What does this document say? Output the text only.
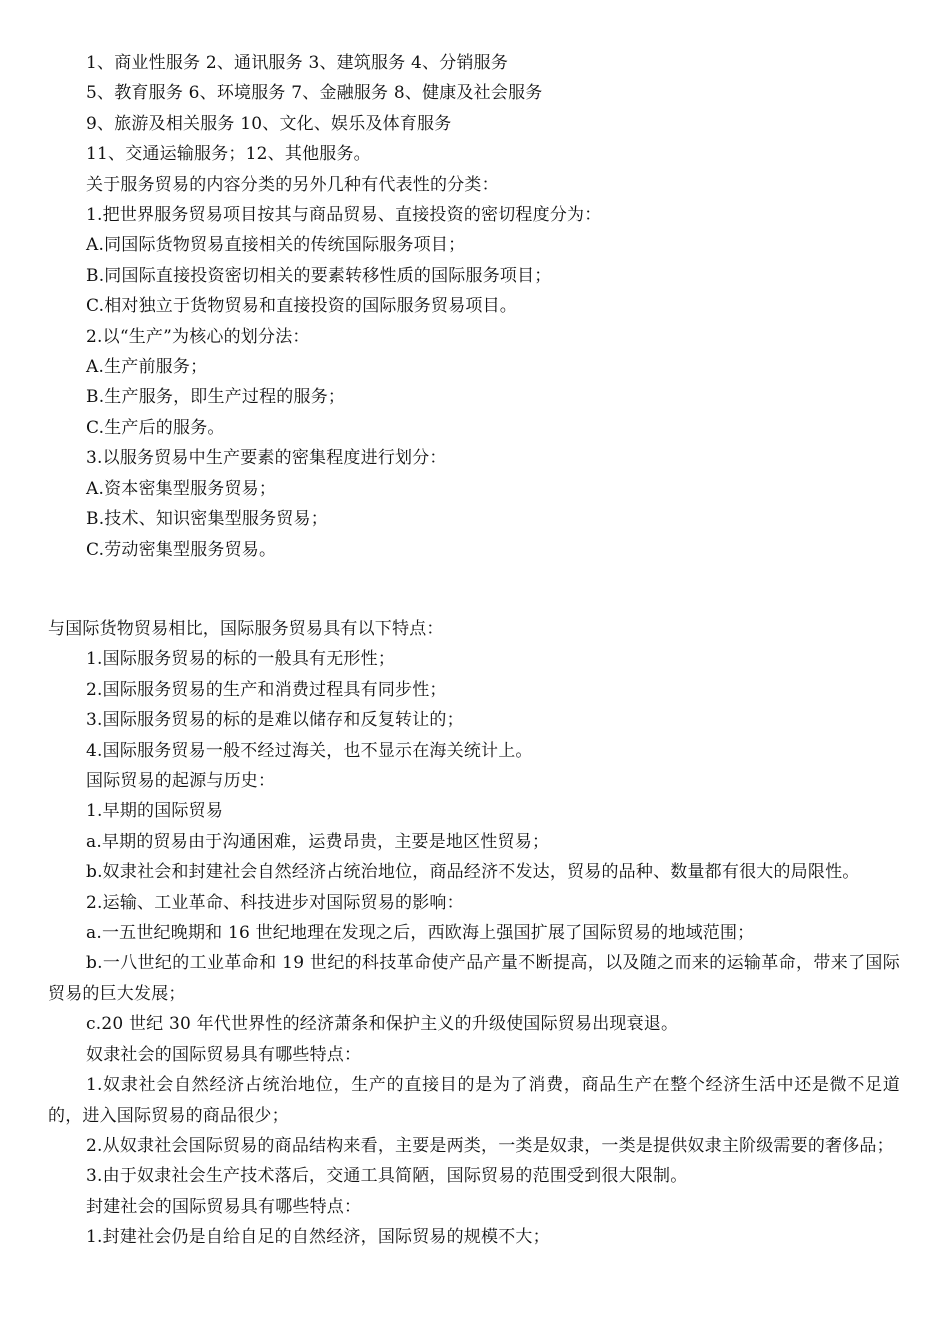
1、商业性服务 2、通讯服务 3、建筑服务 4、分销服务

5、教育服务 6、环境服务 7、金融服务 8、健康及社会服务

9、旅游及相关服务 10、文化、娱乐及体育服务

11、交通运输服务；12、其他服务。

关于服务贸易的内容分类的另外几种有代表性的分类：

1.把世界服务贸易项目按其与商品贸易、直接投资的密切程度分为：

A.同国际货物贸易直接相关的传统国际服务项目；

B.同国际直接投资密切相关的要素转移性质的国际服务项目；

C.相对独立于货物贸易和直接投资的国际服务贸易项目。

2.以“生产”为核心的划分法：

A.生产前服务；

B.生产服务，即生产过程的服务；

C.生产后的服务。

3.以服务贸易中生产要素的密集程度进行划分：

A.资本密集型服务贸易；

B.技术、知识密集型服务贸易；

C.劳动密集型服务贸易。

与国际货物贸易相比，国际服务贸易具有以下特点：

1.国际服务贸易的标的一般具有无形性；

2.国际服务贸易的生产和消费过程具有同步性；

3.国际服务贸易的标的是难以储存和反复转让的；

4.国际服务贸易一般不经过海关，也不显示在海关统计上。

国际贸易的起源与历史：

1.早期的国际贸易

a.早期的贸易由于沟通困难，运费昂贵，主要是地区性贸易；

b.奴隶社会和封建社会自然经济占统治地位，商品经济不发达，贸易的品种、数量都有很大的局限性。

2.运输、工业革命、科技进步对国际贸易的影响：

a.一五世纪晚期和 16 世纪地理在发现之后，西欧海上强国扩展了国际贸易的地域范围；

b.一八世纪的工业革命和 19 世纪的科技革命使产品产量不断提高，以及随之而来的运输革命，带来了国际贸易的巨大发展；

c.20 世纪 30 年代世界性的经济萧条和保护主义的升级使国际贸易出现衰退。

奴隶社会的国际贸易具有哪些特点：

1.奴隶社会自然经济占统治地位，生产的直接目的是为了消费，商品生产在整个经济生活中还是微不足道的，进入国际贸易的商品很少；

2.从奴隶社会国际贸易的商品结构来看，主要是两类，一类是奴隶，一类是提供奴隶主阶级需要的奢侈品；

3.由于奴隶社会生产技术落后，交通工具简陋，国际贸易的范围受到很大限制。

封建社会的国际贸易具有哪些特点：

1.封建社会仍是自给自足的自然经济，国际贸易的规模不大；
